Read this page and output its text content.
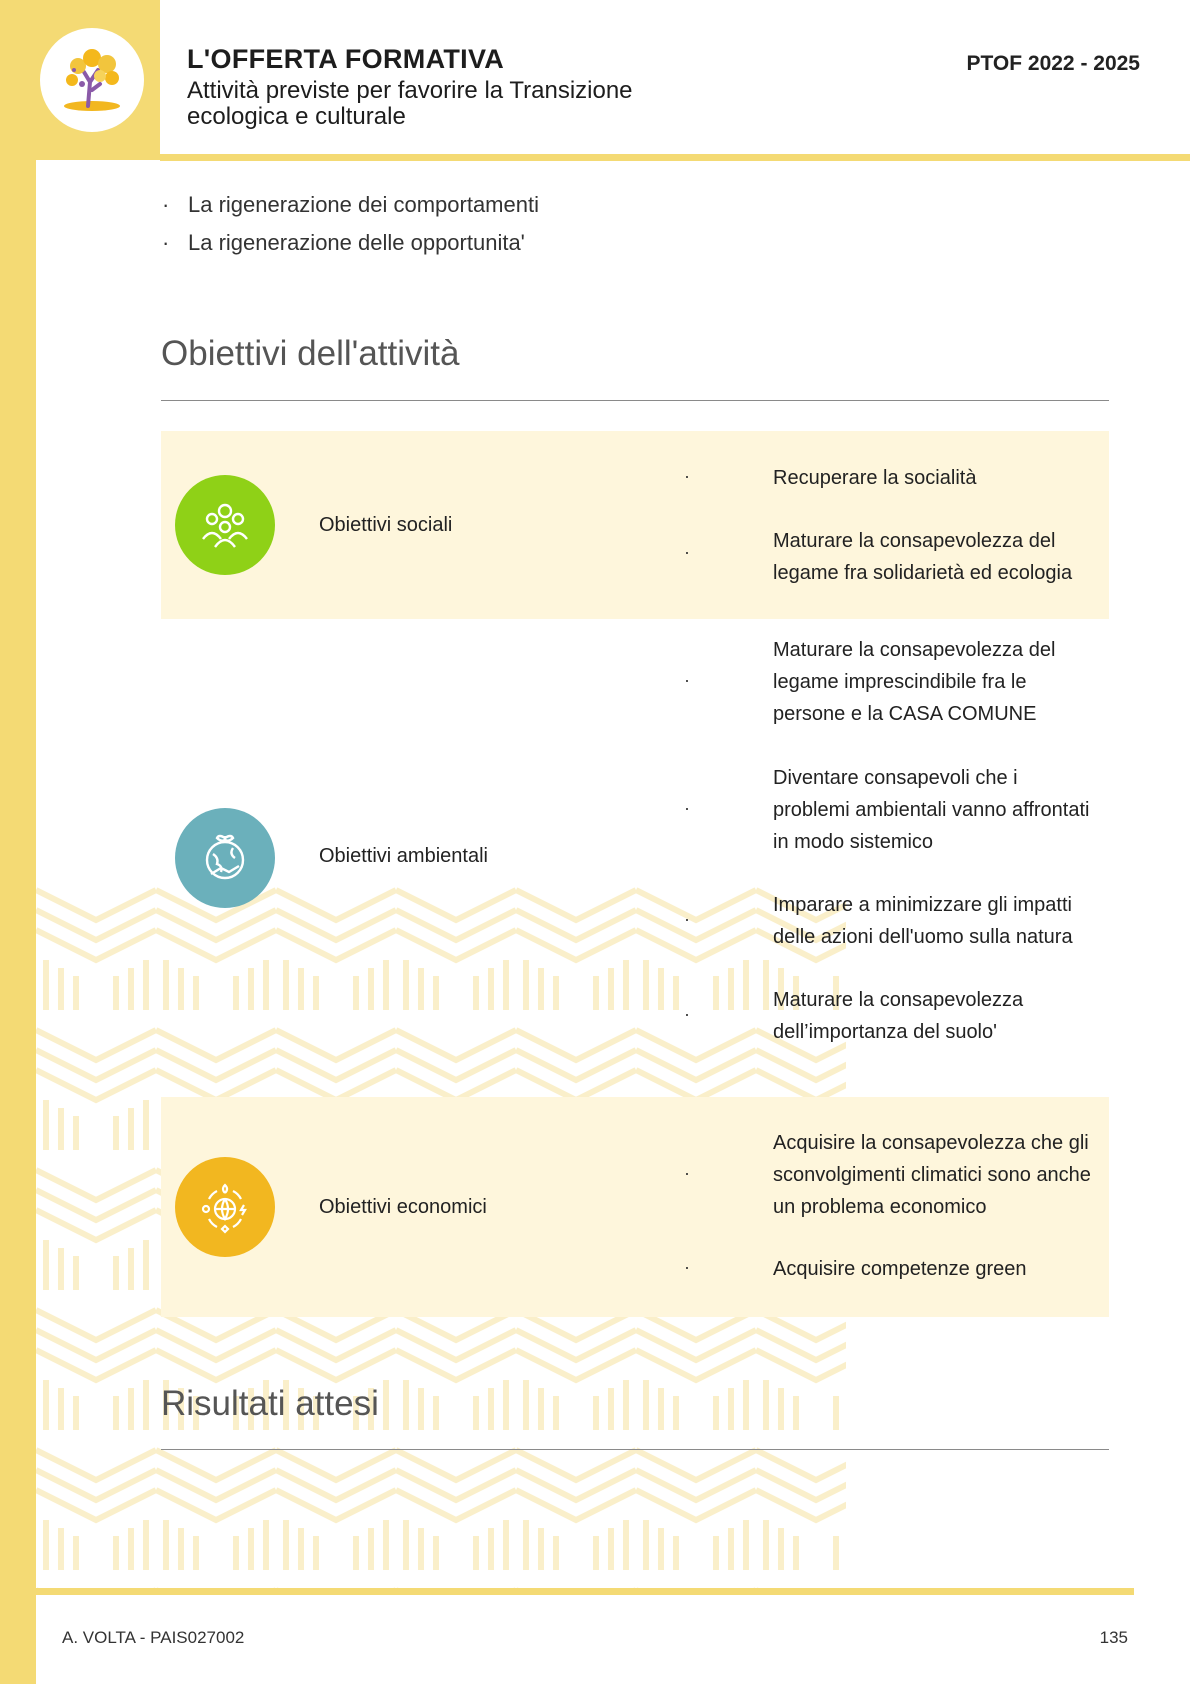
L'OFFERTA FORMATIVA
Attività previste per favorire la Transizione ecologica e culturale
PTOF 2022 - 2025
· La rigenerazione dei comportamenti
· La rigenerazione delle opportunita'
Obiettivi dell'attività
Obiettivi sociali
·	Recuperare la socialità
·	Maturare la consapevolezza del legame fra solidarietà ed ecologia
Obiettivi ambientali
·
Maturare la consapevolezza del legame imprescindibile fra le persone e la CASA COMUNE
·
Diventare consapevoli che i problemi ambientali vanno affrontati in modo sistemico
·
Imparare a minimizzare gli impatti delle azioni dell'uomo sulla natura
·
Maturare la consapevolezza dell’importanza del suolo'
Obiettivi economici
·
Acquisire la consapevolezza che gli sconvolgimenti climatici sono anche un problema economico
·	Acquisire competenze green
Risultati attesi
A. VOLTA - PAIS027002	135
